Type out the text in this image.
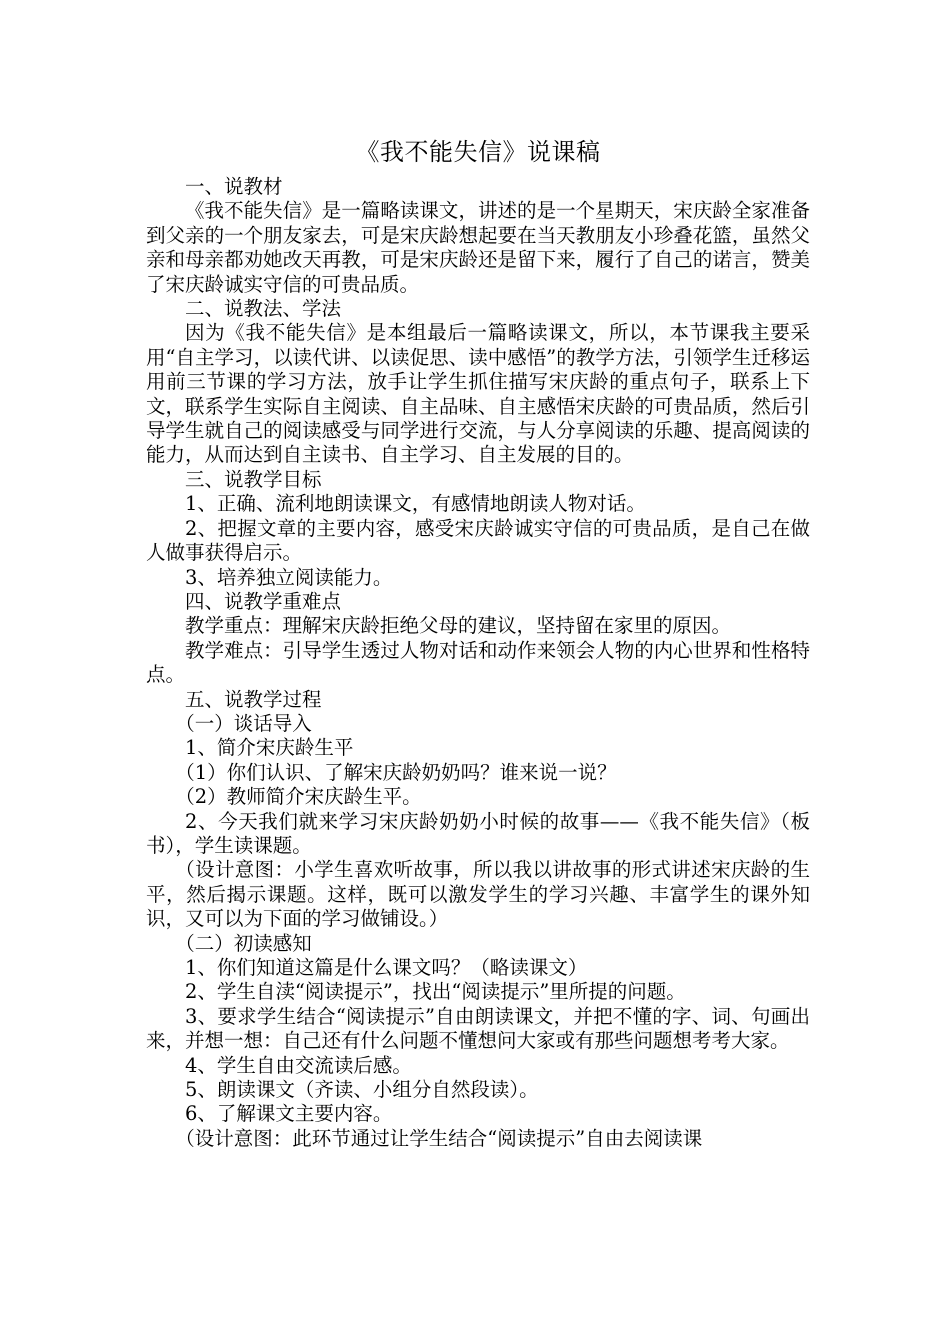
《我不能失信》说课稿

一、说教材

《我不能失信》是一篇略读课文，讲述的是一个星期天，宋庆龄全家准备到父亲的一个朋友家去，可是宋庆龄想起要在当天教朋友小珍叠花篮，虽然父亲和母亲都劝她改天再教，可是宋庆龄还是留下来，履行了自己的诺言，赞美了宋庆龄诚实守信的可贵品质。

二、说教法、学法

因为《我不能失信》是本组最后一篇略读课文，所以，本节课我主要采用“自主学习，以读代讲、以读促思、读中感悟”的教学方法，引领学生迁移运用前三节课的学习方法，放手让学生抓住描写宋庆龄的重点句子，联系上下文，联系学生实际自主阅读、自主品味、自主感悟宋庆龄的可贵品质，然后引导学生就自己的阅读感受与同学进行交流，与人分享阅读的乐趣、提高阅读的能力，从而达到自主读书、自主学习、自主发展的目的。

三、说教学目标

1、正确、流利地朗读课文，有感情地朗读人物对话。

2、把握文章的主要内容，感受宋庆龄诚实守信的可贵品质，是自己在做人做事获得启示。

3、培养独立阅读能力。

四、说教学重难点

教学重点：理解宋庆龄拒绝父母的建议，坚持留在家里的原因。

教学难点：引导学生透过人物对话和动作来领会人物的内心世界和性格特点。

五、说教学过程

（一）谈话导入

1、简介宋庆龄生平

（1）你们认识、了解宋庆龄奶奶吗？谁来说一说？

（2）教师简介宋庆龄生平。

2、今天我们就来学习宋庆龄奶奶小时候的故事——《我不能失信》（板书），学生读课题。

（设计意图：小学生喜欢听故事，所以我以讲故事的形式讲述宋庆龄的生平，然后揭示课题。这样，既可以激发学生的学习兴趣、丰富学生的课外知识，又可以为下面的学习做铺设。）

（二）初读感知

1、你们知道这篇是什么课文吗？（略读课文）

2、学生自渎“阅读提示”，找出“阅读提示”里所提的问题。

3、要求学生结合“阅读提示”自由朗读课文，并把不懂的字、词、句画出来，并想一想：自己还有什么问题不懂想问大家或有那些问题想考考大家。

4、学生自由交流读后感。

5、朗读课文（齐读、小组分自然段读）。

6、了解课文主要内容。

（设计意图：此环节通过让学生结合“阅读提示”自由去阅读课
